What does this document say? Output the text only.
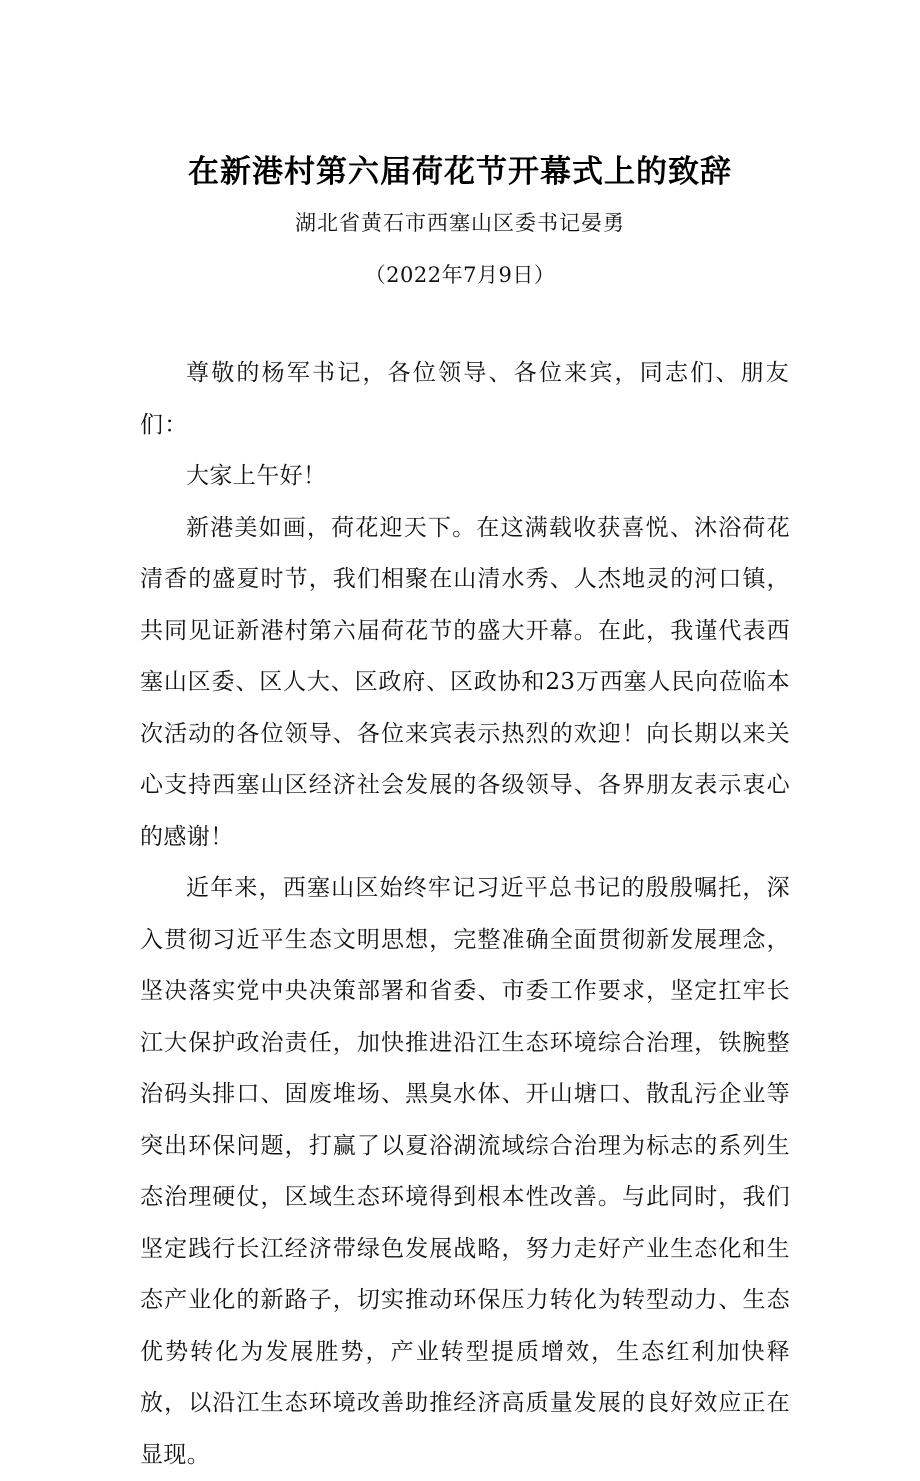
在新港村第六届荷花节开幕式上的致辞
湖北省黄石市西塞山区委书记晏勇
（2022年7月9日）

尊敬的杨军书记，各位领导、各位来宾，同志们、朋友们：

大家上午好！

新港美如画，荷花迎天下。在这满载收获喜悦、沐浴荷花清香的盛夏时节，我们相聚在山清水秀、人杰地灵的河口镇，共同见证新港村第六届荷花节的盛大开幕。在此，我谨代表西塞山区委、区人大、区政府、区政协和23万西塞人民向莅临本次活动的各位领导、各位来宾表示热烈的欢迎！向长期以来关心支持西塞山区经济社会发展的各级领导、各界朋友表示衷心的感谢！

近年来，西塞山区始终牢记习近平总书记的殷殷嘱托，深入贯彻习近平生态文明思想，完整准确全面贯彻新发展理念，坚决落实党中央决策部署和省委、市委工作要求，坚定扛牢长江大保护政治责任，加快推进沿江生态环境综合治理，铁腕整治码头排口、固废堆场、黑臭水体、开山塘口、散乱污企业等突出环保问题，打赢了以夏浴湖流域综合治理为标志的系列生态治理硬仗，区域生态环境得到根本性改善。与此同时，我们坚定践行长江经济带绿色发展战略，努力走好产业生态化和生态产业化的新路子，切实推动环保压力转化为转型动力、生态优势转化为发展胜势，产业转型提质增效，生态红利加快释放，以沿江生态环境改善助推经济高质量发展的良好效应正在显现。
